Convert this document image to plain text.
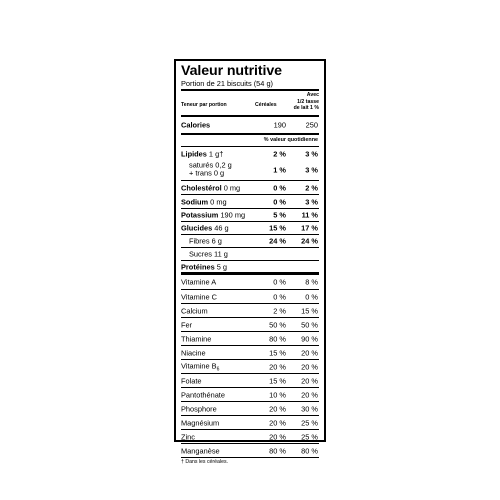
Valeur nutritive
Portion de 21 biscuits (54 g)
Teneur par portion	Céréales
Avec
1/2 tasse
de lait 1 %
Calories	190	250
% valeur quotidienne
Lipides 1 g†	2 %	3 %
saturés 0,2 g
+ trans 0 g	1 %	3 %
Cholestérol 0 mg	0 %	2 %
Sodium 0 mg	0 %	3 %
Potassium 190 mg	5 % 11 %
Glucides 46 g	15 % 17 %
Fibres 6 g	24 % 24 %
Sucres 11 g
Protéines 5 g
Vitamine A	0 %	8 %
Vitamine C	0 %	0 %
Calcium	2 % 15 %
Fer	50 % 50 %
Thiamine	80 % 90 %
Niacine	15 % 20 %
Vitamine $B_6$	20 % 20 %
Folate	15 % 20 %
Pantothénate	10 % 20 %
Phosphore	20 % 30 %
Magnésium	20 % 25 %
Zinc	20 % 25 %
Manganèse	80 % 80 %
† Dans les céréales.
